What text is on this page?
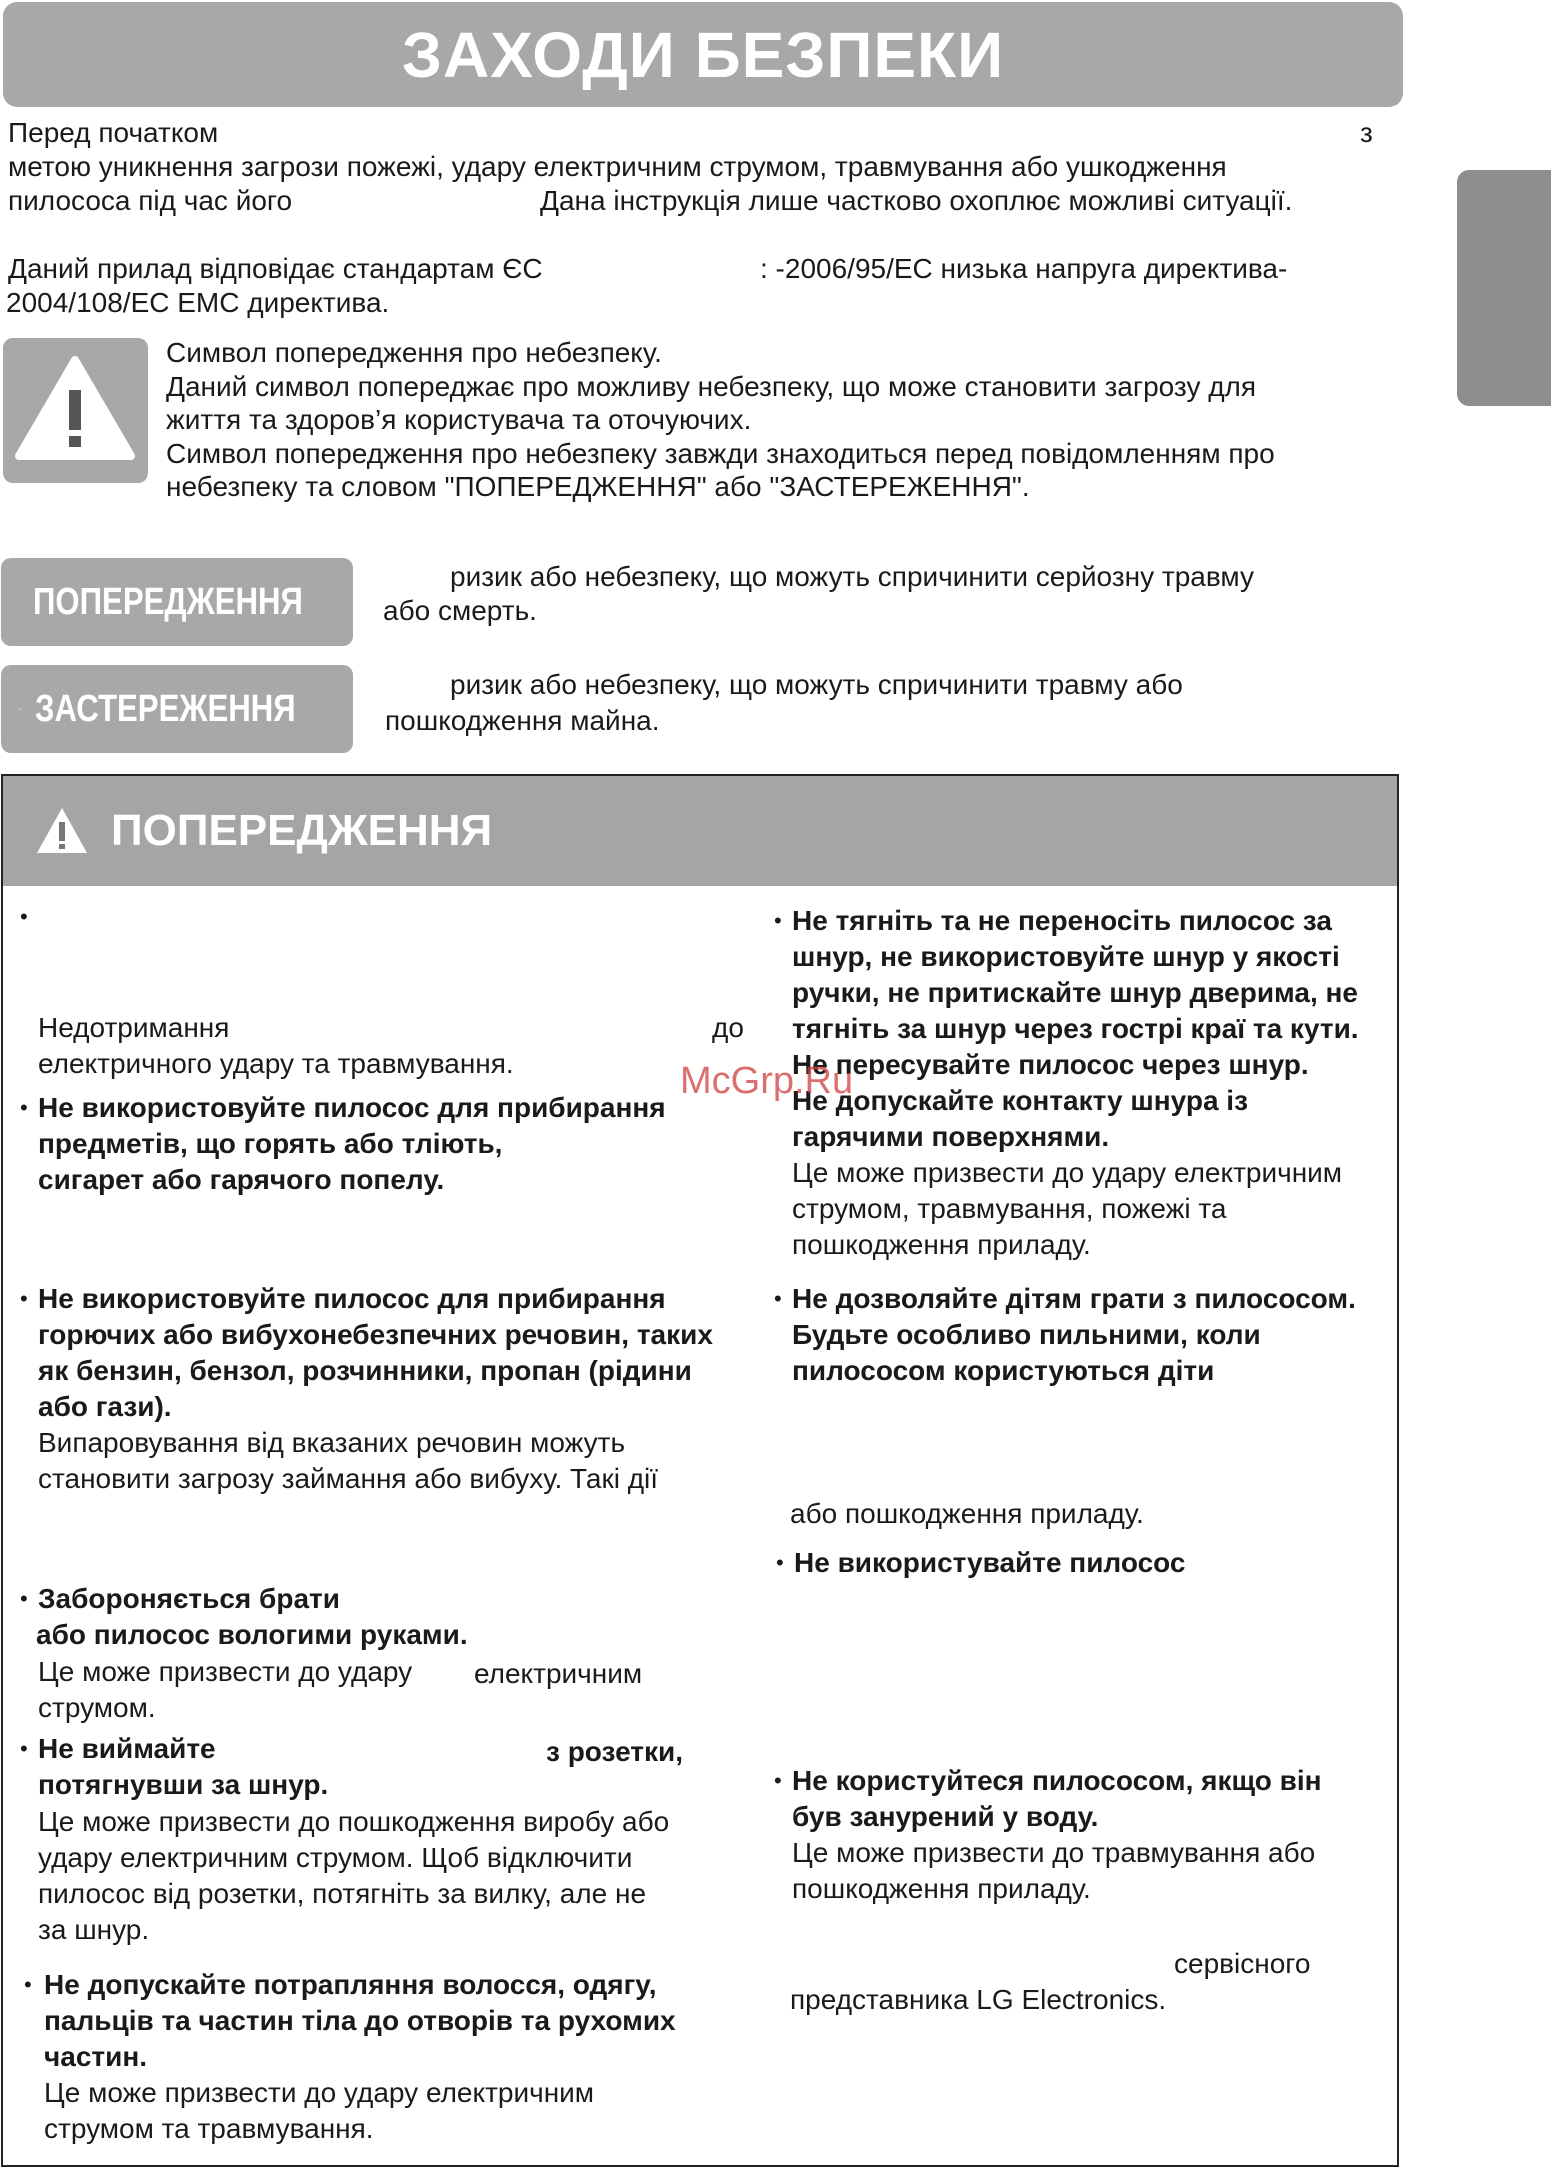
ЗАХОДИ БЕЗПЕКИ
Перед початком	з
метою уникнення загрози пожежі, удару електричним струмом, травмування або ушкодження
пилососа під час його	Дана інструкція лише частково охоплює можливі ситуації.
Даний прилад відповідає стандартам ЄС	: -2006/95/ЕС низька напруга директива-
2004/108/ЕС ЕМС директива.
Символ попередження про небезпеку.
Даний символ попереджає про можливу небезпеку, що може становити загрозу для
життя та здоров’я користувача та оточуючих.
Символ попередження про небезпеку завжди знаходиться перед повідомленням про
небезпеку та словом "ПОПЕРЕДЖЕННЯ" або "ЗАСТЕРЕЖЕННЯ".
ПОПЕРЕДЖЕННЯ
ризик або небезпеку, що можуть спричинити серйозну травму
або смерть.
ЗАСТЕРЕЖЕННЯ
ризик або небезпеку, що можуть спричинити травму або
пошкодження майна.
ПОПЕРЕДЖЕННЯ
•
Недотримання	до
електричного удару та травмування.
• Не використовуйте пилосос для прибирання
предметів, що горять або тліють,
сигарет або гарячого попелу.
• Не використовуйте пилосос для прибирання
горючих або вибухонебезпечних речовин, таких
як бензин, бензол, розчинники, пропан (рідини
або гази).
Випаровування від вказаних речовин можуть
становити загрозу займання або вибуху. Такі дії
• Забороняється брати
або пилосос вологими руками.
Це може призвести до удару електричним
струмом.
• Не виймайте	з розетки,
потягнувши за шнур.
Це може призвести до пошкодження виробу або
удару електричним струмом. Щоб відключити
пилосос від розетки, потягніть за вилку, але не
за шнур.
• Не допускайте потрапляння волосся, одягу,
пальців та частин тіла до отворів та рухомих
частин.
Це може призвести до удару електричним
струмом та травмування.
• Не тягніть та не переносіть пилосос за
шнур, не використовуйте шнур у якості
ручки, не притискайте шнур дверима, не
тягніть за шнур через гострі краї та кути.
Не пересувайте пилосос через шнур.
Не допускайте контакту шнура із
гарячими поверхнями.
Це може призвести до удару електричним
струмом, травмування, пожежі та
пошкодження приладу.
• Не дозволяйте дітям грати з пилососом.
Будьте особливо пильними, коли
пилососом користуються діти
або пошкодження приладу.
• Не використувайте пилосос
• Не користуйтеся пилососом, якщо він
був занурений у воду.
Це може призвести до травмування або
пошкодження приладу.
сервісного
представника LG Electronics.
McGrp.Ru
